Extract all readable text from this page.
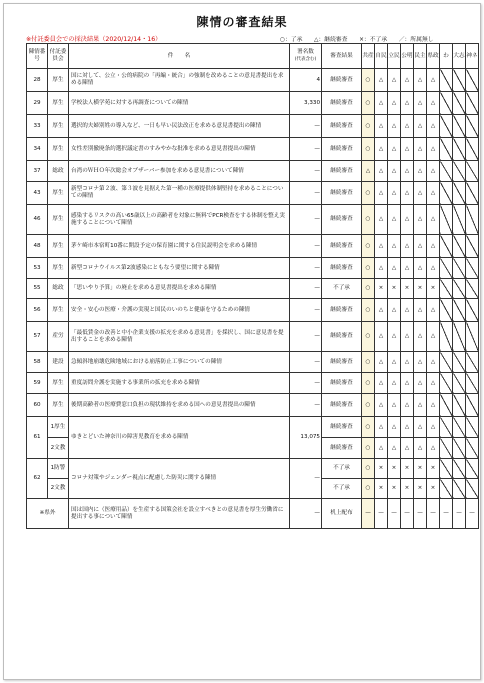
陳情の審査結果
※付託委員会での採決結果（2020/12/14・16）	○：了承　　△：継続審査　　×：不了承　　／：所属無し
陳情番号	付託委員会	件　　名	署名数
(代表含む)	審査結果	共産	自民	立民	公明	民主	県政	わ	大志	神ネ
28	厚生	国に対して、公立・公的病院の「再編・統合」の強制を改めることの意見書提出を求める陳情	4	継続審査	○	△	△	△	△	△			
29	厚生	学校法人横学苑に対する再調査についての陳情	3,330	継続審査	○	△	△	△	△	△			
33	厚生	選択的夫婦別姓の導入など、一日も早い民法改正を求める意見書提出の陳情	—	継続審査	○	△	△	△	△	△			
34	厚生	女性差別撤廃条約選択議定書のすみやかな批准を求める意見書提出の陳情	—	継続審査	○	△	△	△	△	△			
37	総政	台湾のＷＨＯ年次総会オブザーバー参加を求める意見書について陳情	—	継続審査	△	△	△	△	△	△			
43	厚生	新型コロナ第２波、第３波を見据えた第一種の医療提供体制堅持を求めることについての陳情	—	継続審査	○	△	△	△	△	△			
46	厚生	感染するリスクの高い65歳以上の高齢者を対象に無料でPCR検査をする体制を整え実施することについて陳情	—	継続審査	○	△	△	△	△	△			
48	厚生	茅ケ崎市本宿町10番に開設予定の保育園に関する住民説明会を求める陳情	—	継続審査	○	△	△	△	△	△			
53	厚生	新型コロナウイルス第2波感染にともなう要望に関する陳情	—	継続審査	○	△	△	△	△	△			
55	総政	「思いやり予算」の廃止を求める意見書提出を求める陳情	—	不了承	○	×	×	×	×	×			
56	厚生	安全・安心の医療・介護の実現と国民のいのちと健康を守るための陳情	—	継続審査	○	△	△	△	△	△			
57	産労	「最低賃金の改善と中小企業支援の拡充を求める意見書」を採択し、国に意見書を提出することを求める陳情	—	継続審査	○	△	△	△	△	△			
58	建設	急傾斜地崩壊危険地域における崩落防止工事についての陳情	—	継続審査	○	△	△	△	△	△			
59	厚生	重度訪問介護を実施する事業所の拡充を求める陳情	—	継続審査	○	△	△	△	△	△			
60	厚生	後期高齢者の医療費窓口負担の現状維持を求める国への意見書提出の陳情	—	継続審査	○	△	△	△	△	△			
61	1厚生	ゆきとどいた神奈川の障害児教育を求める陳情	13,075	継続審査	○	△	△	△	△	△			
	2文教			継続審査	○	△	△	△	△	△			
62	1防警	コロナ対策やジェンダー視点に配慮した防災に関する陳情	—	不了承	○	×	×	×	×	×			
	2文教			不了承	○	×	×	×	×	×			
※県外		国は国内に（医療用品）を生産する国策会社を設立すべきとの意見書を厚生労働省に提出する事について陳情	—	机上配布	—	—	—	—	—	—	—	—	—
